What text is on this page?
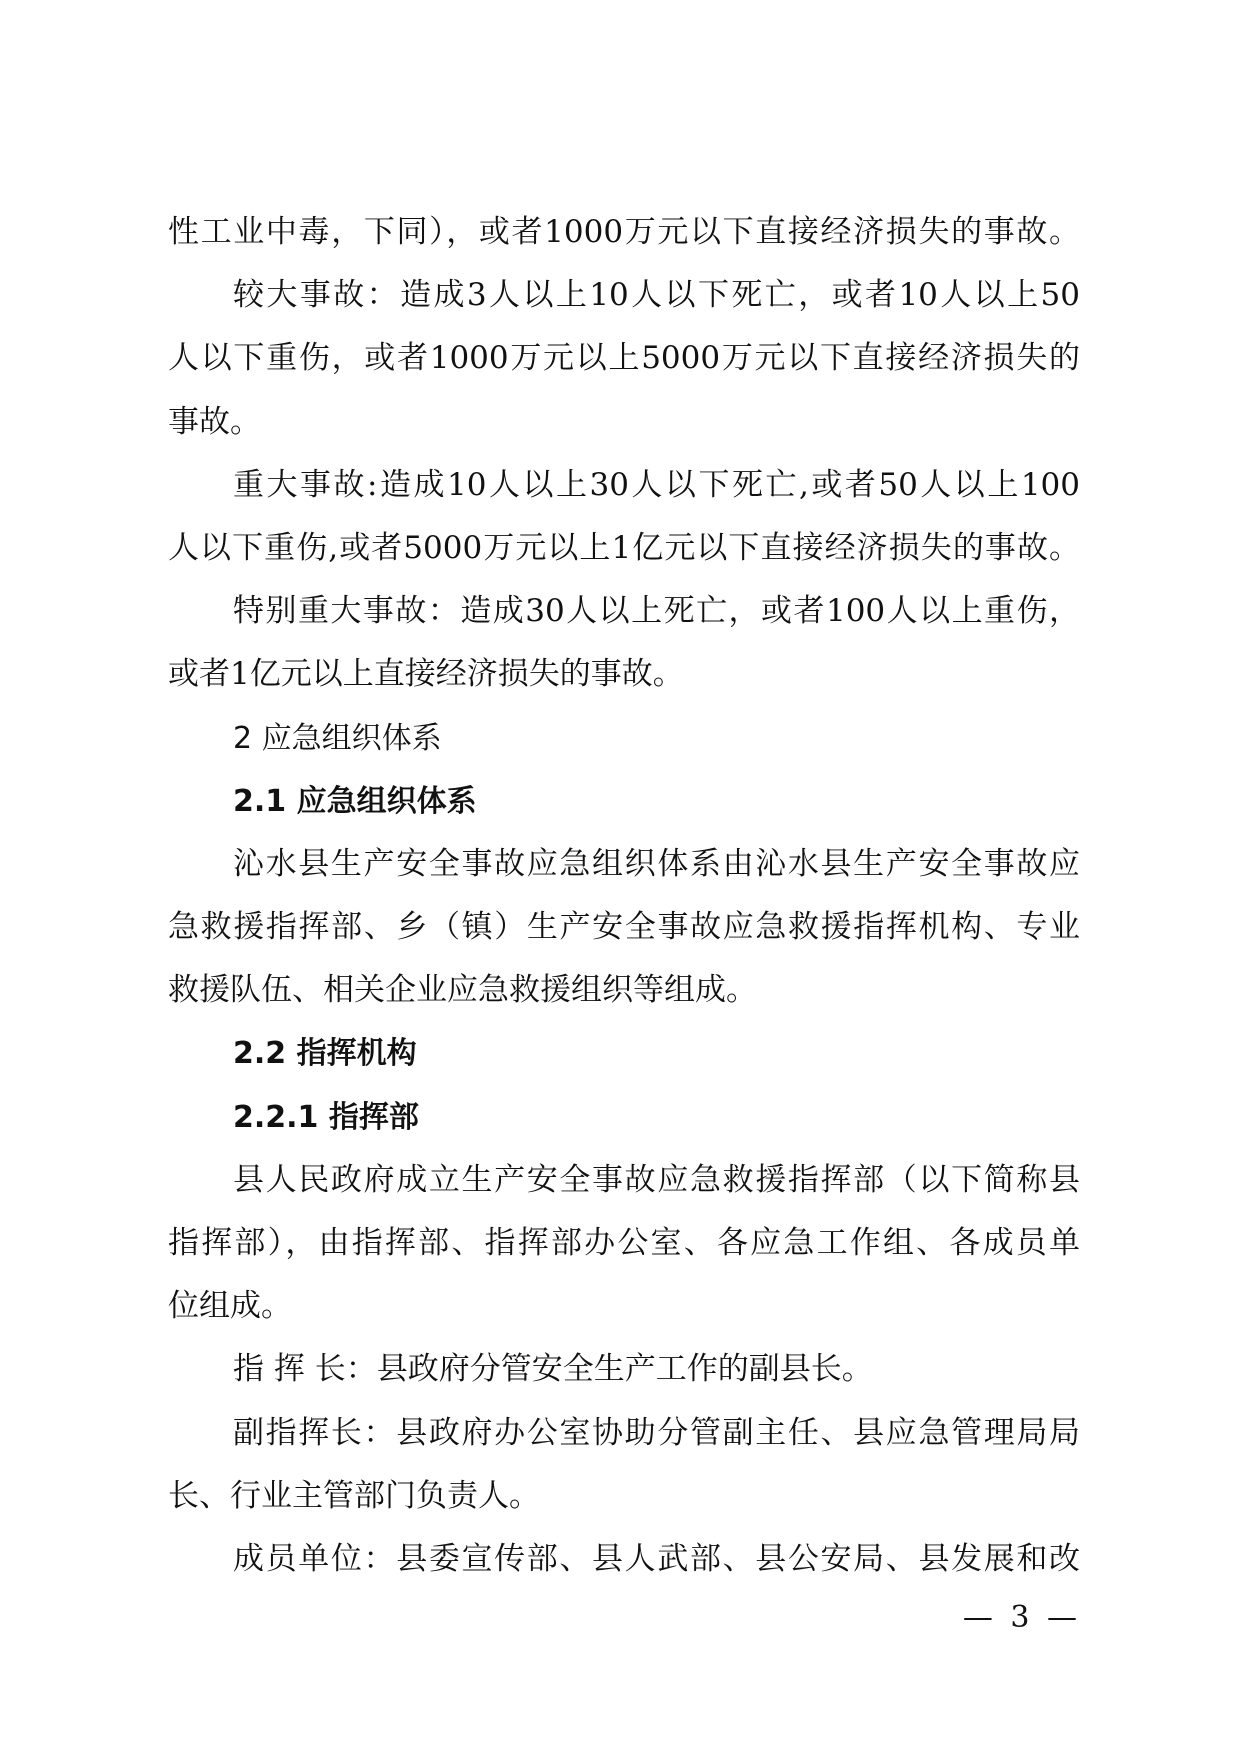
性工业中毒，下同），或者1000万元以下直接经济损失的事故。
较大事故：造成3人以上10人以下死亡，或者10人以上50
人以下重伤，或者1000万元以上5000万元以下直接经济损失的
事故。
重大事故:造成10人以上30人以下死亡,或者50人以上100
人以下重伤,或者5000万元以上1亿元以下直接经济损失的事故。
特别重大事故：造成30人以上死亡，或者100人以上重伤，
或者1亿元以上直接经济损失的事故。
2 应急组织体系
2.1 应急组织体系
沁水县生产安全事故应急组织体系由沁水县生产安全事故应
急救援指挥部、乡（镇）生产安全事故应急救援指挥机构、专业
救援队伍、相关企业应急救援组织等组成。
2.2 指挥机构
2.2.1 指挥部
县人民政府成立生产安全事故应急救援指挥部（以下简称县
指挥部），由指挥部、指挥部办公室、各应急工作组、各成员单
位组成。
指 挥 长：县政府分管安全生产工作的副县长。
副指挥长：县政府办公室协助分管副主任、县应急管理局局
长、行业主管部门负责人。
成员单位：县委宣传部、县人武部、县公安局、县发展和改
— 3 —
